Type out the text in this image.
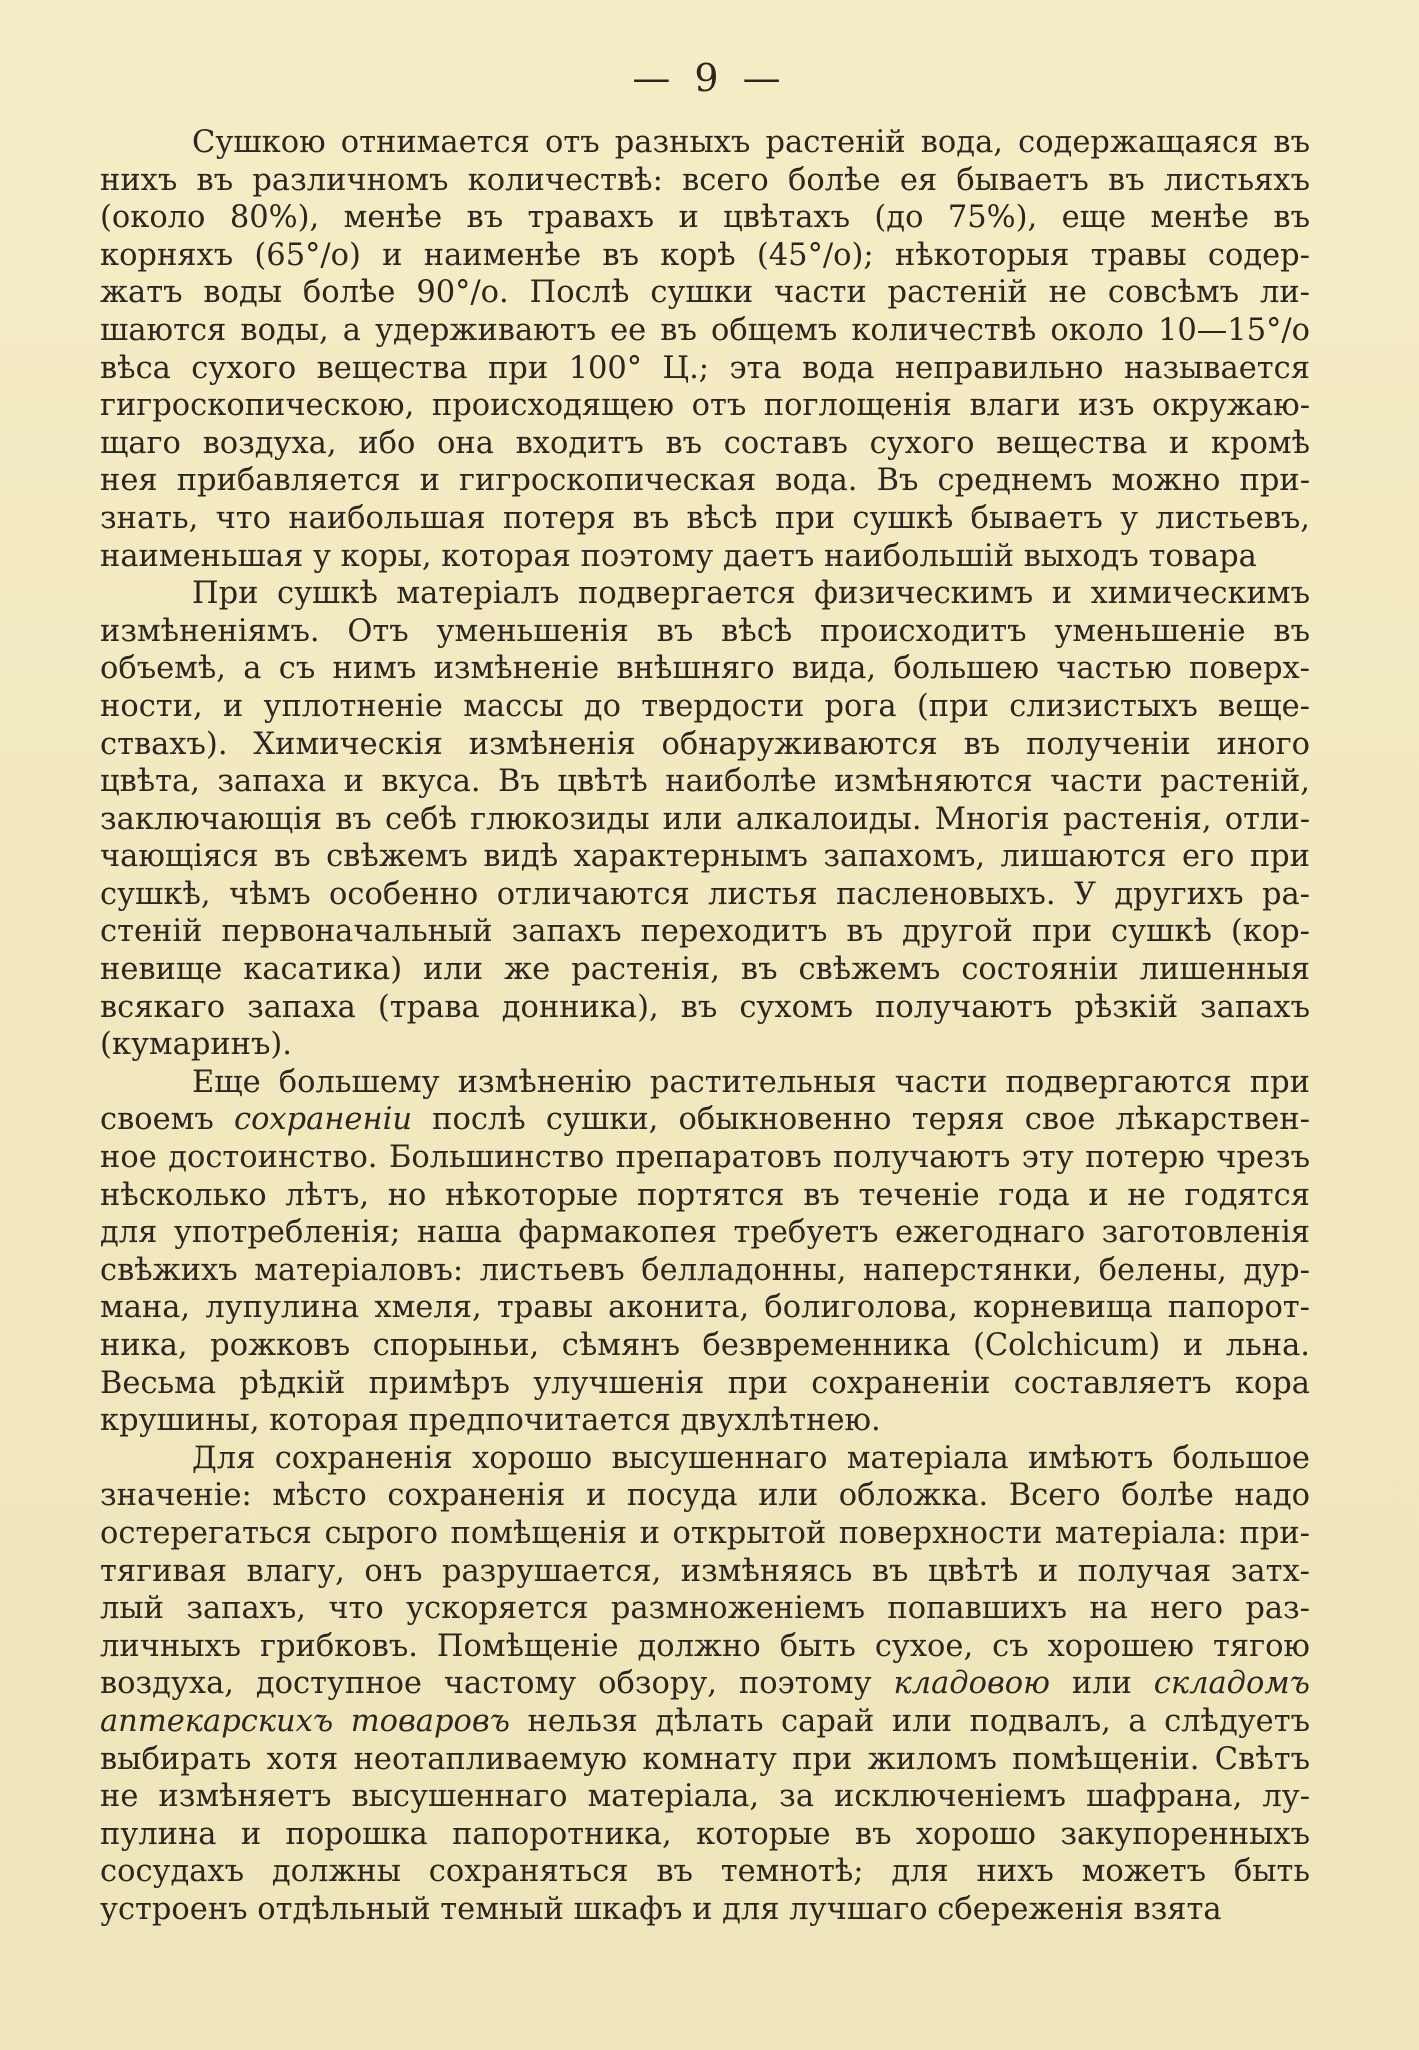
— 9 —
Сушкою отнимается отъ разныхъ растеній вода, содержащаяся въ
нихъ въ различномъ количествѣ: всего болѣе ея бываетъ въ листьяхъ
(около 80%), менѣе въ травахъ и цвѣтахъ (до 75%), еще менѣе въ
корняхъ (65°/о) и наименѣе въ корѣ (45°/о); нѣкоторыя травы содер-
жатъ воды болѣе 90°/о. Послѣ сушки части растеній не совсѣмъ ли-
шаются воды, а удерживаютъ ее въ общемъ количествѣ около 10—15°/о
вѣса сухого вещества при 100° Ц.; эта вода неправильно называется
гигроскопическою, происходящею отъ поглощенія влаги изъ окружаю-
щаго воздуха, ибо она входитъ въ составъ сухого вещества и кромѣ
нея прибавляется и гигроскопическая вода. Въ среднемъ можно при-
знать, что наибольшая потеря въ вѣсѣ при сушкѣ бываетъ у листьевъ,
наименьшая у коры, которая поэтому даетъ наибольшій выходъ товара
При сушкѣ матеріалъ подвергается физическимъ и химическимъ
измѣненіямъ. Отъ уменьшенія въ вѣсѣ происходитъ уменьшеніе въ
объемѣ, а съ нимъ измѣненіе внѣшняго вида, большею частью поверх-
ности, и уплотненіе массы до твердости рога (при слизистыхъ веще-
ствахъ). Химическія измѣненія обнаруживаются въ полученіи иного
цвѣта, запаха и вкуса. Въ цвѣтѣ наиболѣе измѣняются части растеній,
заключающія въ себѣ глюкозиды или алкалоиды. Многія растенія, отли-
чающіяся въ свѣжемъ видѣ характернымъ запахомъ, лишаются его при
сушкѣ, чѣмъ особенно отличаются листья пасленовыхъ. У другихъ ра-
стеній первоначальный запахъ переходитъ въ другой при сушкѣ (кор-
невище касатика) или же растенія, въ свѣжемъ состояніи лишенныя
всякаго запаха (трава донника), въ сухомъ получаютъ рѣзкій запахъ
(кумаринъ).
Еще большему измѣненію растительныя части подвергаются при
своемъ сохраненіи послѣ сушки, обыкновенно теряя свое лѣкарствен-
ное достоинство. Большинство препаратовъ получаютъ эту потерю чрезъ
нѣсколько лѣтъ, но нѣкоторые портятся въ теченіе года и не годятся
для употребленія; наша фармакопея требуетъ ежегоднаго заготовленія
свѣжихъ матеріаловъ: листьевъ белладонны, наперстянки, белены, дур-
мана, лупулина хмеля, травы аконита, болиголова, корневища папорот-
ника, рожковъ спорыньи, сѣмянъ безвременника (Colchicum) и льна.
Весьма рѣдкій примѣръ улучшенія при сохраненіи составляетъ кора
крушины, которая предпочитается двухлѣтнею.
Для сохраненія хорошо высушеннаго матеріала имѣютъ большое
значеніе: мѣсто сохраненія и посуда или обложка. Всего болѣе надо
остерегаться сырого помѣщенія и открытой поверхности матеріала: при-
тягивая влагу, онъ разрушается, измѣняясь въ цвѣтѣ и получая затх-
лый запахъ, что ускоряется размноженіемъ попавшихъ на него раз-
личныхъ грибковъ. Помѣщеніе должно быть сухое, съ хорошею тягою
воздуха, доступное частому обзору, поэтому кладовою или складомъ
аптекарскихъ товаровъ нельзя дѣлать сарай или подвалъ, а слѣдуетъ
выбирать хотя неотапливаемую комнату при жиломъ помѣщеніи. Свѣтъ
не измѣняетъ высушеннаго матеріала, за исключеніемъ шафрана, лу-
пулина и порошка папоротника, которые въ хорошо закупоренныхъ
сосудахъ должны сохраняться въ темнотѣ; для нихъ можетъ быть
устроенъ отдѣльный темный шкафъ и для лучшаго сбереженія взята
